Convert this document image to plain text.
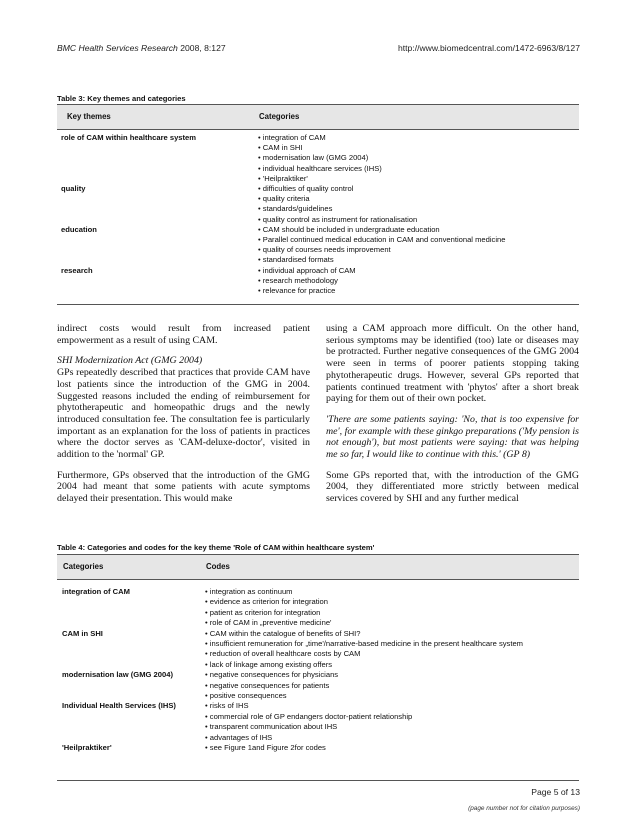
BMC Health Services Research 2008, 8:127	http://www.biomedcentral.com/1472-6963/8/127
Table 3: Key themes and categories
Key themes	Categories
role of CAM within healthcare system	• integration of CAM
• CAM in SHI
• modernisation law (GMG 2004)
• individual healthcare services (IHS)
• 'Heilpraktiker'
quality	• difficulties of quality control
• quality criteria
• standards/guidelines
• quality control as instrument for rationalisation
education	• CAM should be included in undergraduate education
• Parallel continued medical education in CAM and conventional medicine
• quality of courses needs improvement
• standardised formats
research	• individual approach of CAM
• research methodology
• relevance for practice

indirect costs would result from increased patient empowerment as a result of using CAM.

SHI Modernization Act (GMG 2004)

GPs repeatedly described that practices that provide CAM have lost patients since the introduction of the GMG in 2004. Suggested reasons included the ending of reimbursement for phytotherapeutic and homeopathic drugs and the newly introduced consultation fee. The consultation fee is particularly important as an explanation for the loss of patients in practices where the doctor serves as 'CAM-deluxe-doctor', visited in addition to the 'normal' GP.

Furthermore, GPs observed that the introduction of the GMG 2004 had meant that some patients with acute symptoms delayed their presentation. This would make

using a CAM approach more difficult. On the other hand, serious symptoms may be identified (too) late or diseases may be protracted. Further negative consequences of the GMG 2004 were seen in terms of poorer patients stopping taking phytotherapeutic drugs. However, several GPs reported that patients continued treatment with 'phytos' after a short break paying for them out of their own pocket.

'There are some patients saying: 'No, that is too expensive for me', for example with these ginkgo preparations ('My pension is not enough'), but most patients were saying: that was helping me so far, I would like to continue with this.' (GP 8)

Some GPs reported that, with the introduction of the GMG 2004, they differentiated more strictly between medical services covered by SHI and any further medical

Table 4: Categories and codes for the key theme 'Role of CAM within healthcare system'
Categories	Codes
integration of CAM	• integration as continuum
• evidence as criterion for integration
• patient as criterion for integration
• role of CAM in „preventive medicine'
CAM in SHI	• CAM within the catalogue of benefits of SHI?
• insufficient remuneration for „time'/narrative-based medicine in the present healthcare system
• reduction of overall healthcare costs by CAM
• lack of linkage among existing offers
modernisation law (GMG 2004)	• negative consequences for physicians
• negative consequences for patients
• positive consequences
Individual Health Services (IHS)	• risks of IHS
• commercial role of GP endangers doctor-patient relationship
• transparent communication about IHS
• advantages of IHS
'Heilpraktiker'	• see Figure 1and Figure 2for codes
Page 5 of 13
(page number not for citation purposes)
